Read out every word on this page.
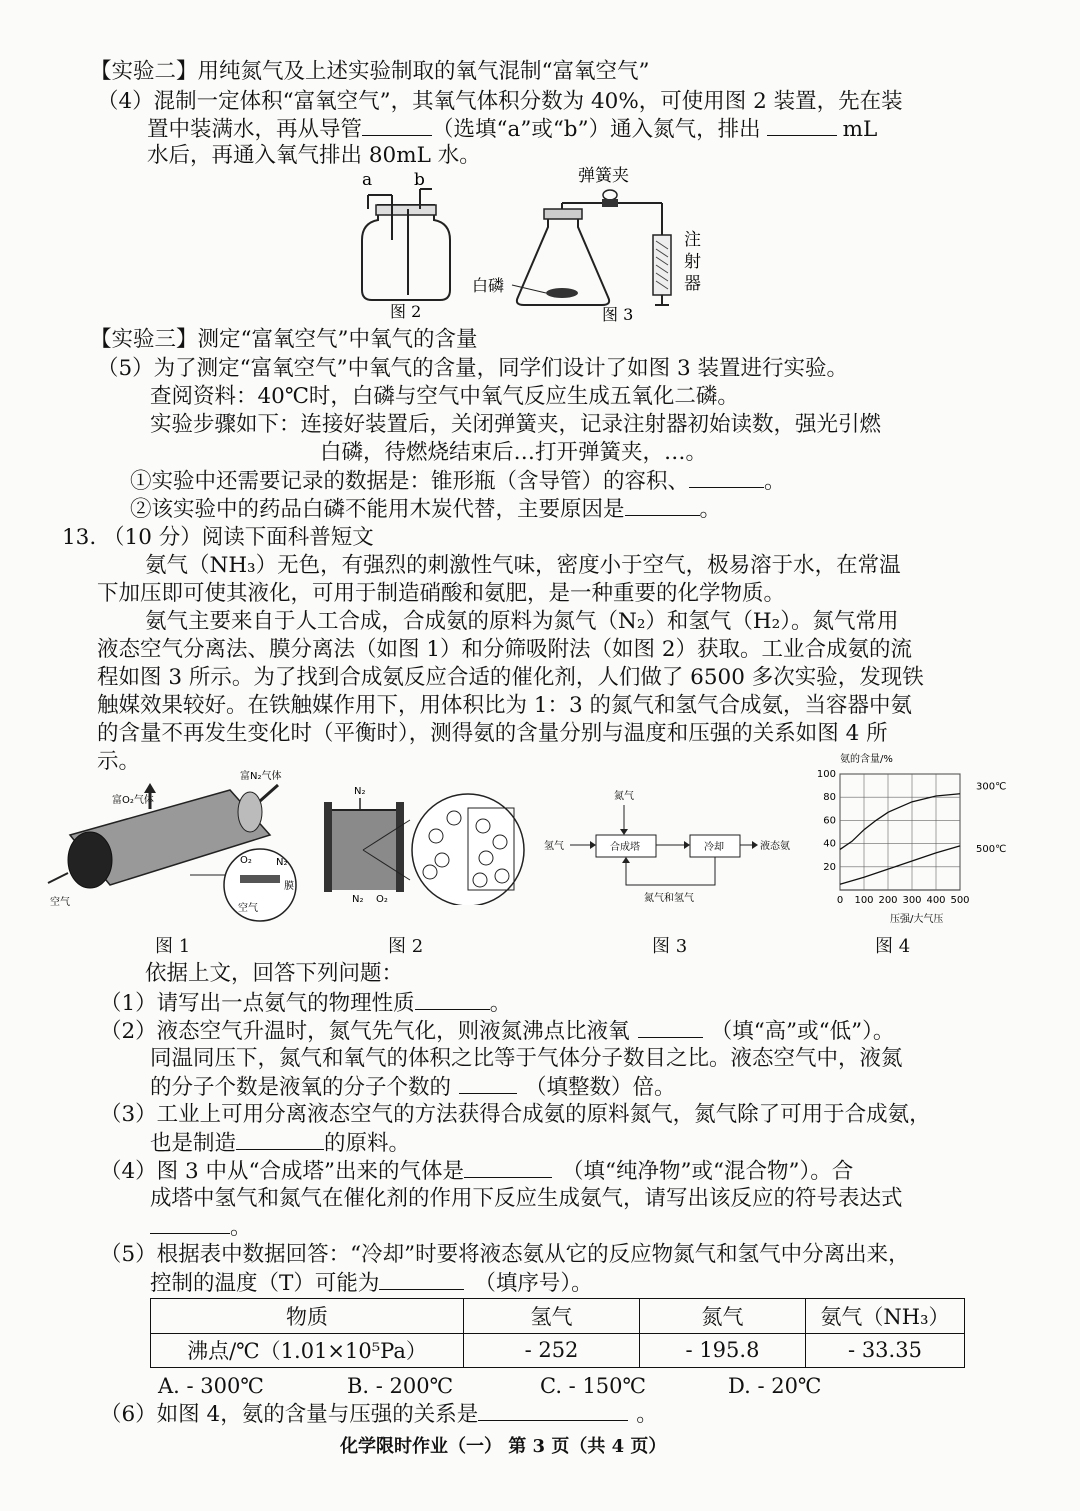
【实验二】用纯氮气及上述实验制取的氧气混制“富氧空气”
（4）混制一定体积“富氧空气”，其氧气体积分数为 40%，可使用图 2 装置，先在装
置中装满水，再从导管	（选填“a”或“b”）通入氮气，排出	mL
水后，再通入氧气排出 80mL 水。
a b
图 2
弹簧夹
白磷
注射器
图 3
【实验三】测定“富氧空气”中氧气的含量
（5）为了测定“富氧空气”中氧气的含量，同学们设计了如图 3 装置进行实验。
查阅资料：40℃时，白磷与空气中氧气反应生成五氧化二磷。
实验步骤如下：连接好装置后，关闭弹簧夹，记录注射器初始读数，强光引燃
白磷，待燃烧结束后…打开弹簧夹，…。
①实验中还需要记录的数据是：锥形瓶（含导管）的容积、	。
②该实验中的药品白磷不能用木炭代替，主要原因是	。
13. （10 分）阅读下面科普短文
氨气（NH₃）无色，有强烈的刺激性气味，密度小于空气，极易溶于水，在常温
下加压即可使其液化，可用于制造硝酸和氨肥，是一种重要的化学物质。
氨气主要来自于人工合成，合成氨的原料为氮气（N₂）和氢气（H₂）。氮气常用
液态空气分离法、膜分离法（如图 1）和分筛吸附法（如图 2）获取。工业合成氨的流
程如图 3 所示。为了找到合成氨反应合适的催化剂，人们做了 6500 多次实验，发现铁
触媒效果较好。在铁触媒作用下，用体积比为 1：3 的氮气和氢气合成氨，当容器中氨
的含量不再发生变化时（平衡时），测得氨的含量分别与温度和压强的关系如图 4 所
示。
富O₂气体
富N₂气体
O₂ N₂
膜
空气
空气
N₂
N₂ O₂
氮气
氢气	合成塔	冷却	液态氨
氮气和氢气
氨的含量/%
压强/大气压
0 100 200 300 400 500
20
40
60
80
100
300℃
500℃
图 1	图 2	图 3	图 4
依据上文，回答下列问题：
（1）请写出一点氨气的物理性质	。
（2）液态空气升温时，氮气先气化，则液氮沸点比液氧	（填“高”或“低”）。
同温同压下，氮气和氧气的体积之比等于气体分子数目之比。液态空气中，液氮
的分子个数是液氧的分子个数的	（填整数）倍。
（3）工业上可用分离液态空气的方法获得合成氨的原料氮气，氮气除了可用于合成氨，
也是制造	的原料。
（4）图 3 中从“合成塔”出来的气体是	（填“纯净物”或“混合物”）。合
成塔中氢气和氮气在催化剂的作用下反应生成氨气，请写出该反应的符号表达式
。
（5）根据表中数据回答：“冷却”时要将液态氨从它的反应物氮气和氢气中分离出来，
控制的温度（T）可能为	（填序号）。
物质	氢气	氮气	氨气（NH₃）
沸点/℃（1.01×10⁵Pa）	- 252	- 195.8	- 33.35
A. - 300℃	B. - 200℃	C. - 150℃	D. - 20℃
（6）如图 4，氨的含量与压强的关系是	。
化学限时作业（一） 第 3 页（共 4 页）
